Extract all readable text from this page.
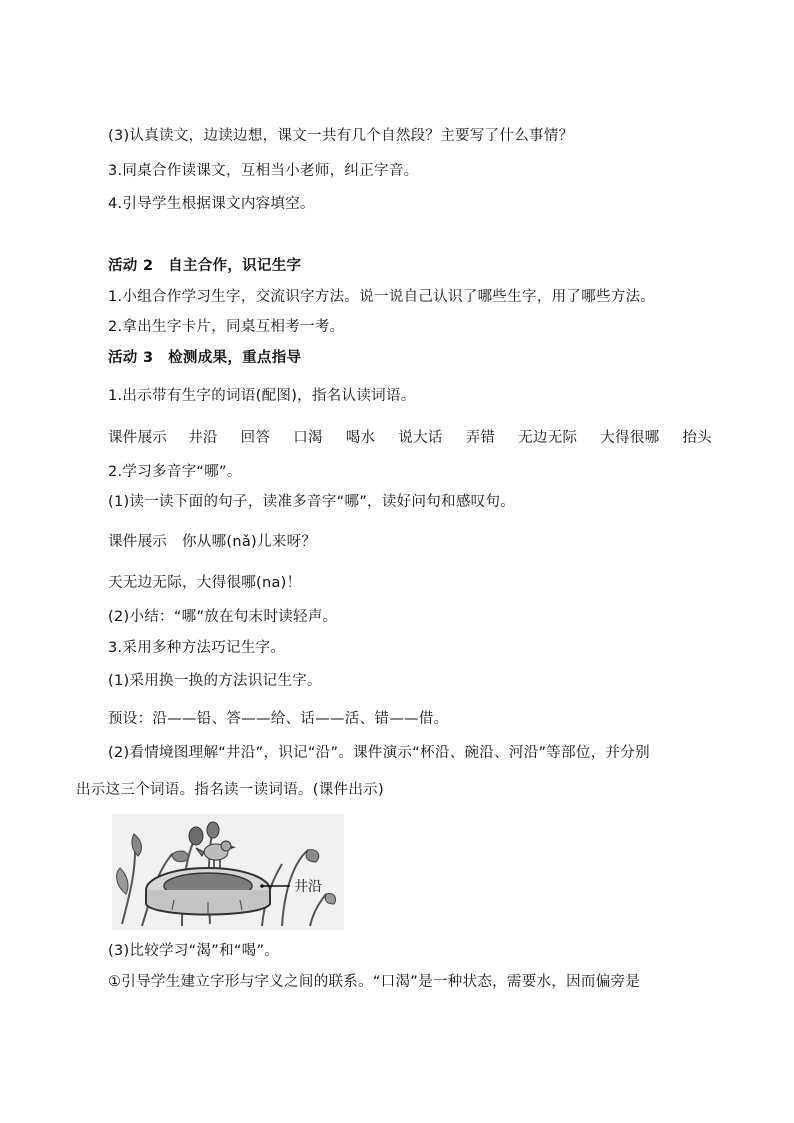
(3)认真读文，边读边想，课文一共有几个自然段？主要写了什么事情？
3.同桌合作读课文，互相当小老师，纠正字音。
4.引导学生根据课文内容填空。
活动 2　自主合作，识记生字
1.小组合作学习生字，交流识字方法。说一说自己认识了哪些生字，用了哪些方法。
2.拿出生字卡片，同桌互相考一考。
活动 3　检测成果，重点指导
1.出示带有生字的词语(配图)，指名认读词语。
课件展示 井沿 回答 口渴 喝水 说大话 弄错 无边无际 大得很哪 抬头
2.学习多音字“哪”。
(1)读一读下面的句子，读准多音字“哪”，读好问句和感叹句。
课件展示　你从哪(nǎ)儿来呀？
天无边无际，大得很哪(na)！
(2)小结：“哪”放在句末时读轻声。
3.采用多种方法巧记生字。
(1)采用换一换的方法识记生字。
预设：沿——铅、答——给、话——活、错——借。
(2)看情境图理解“井沿”，识记“沿”。课件演示“杯沿、碗沿、河沿”等部位，并分别
出示这三个词语。指名读一读词语。(课件出示)
井沿
(3)比较学习“渴”和“喝”。
①引导学生建立字形与字义之间的联系。“口渴”是一种状态，需要水，因而偏旁是
